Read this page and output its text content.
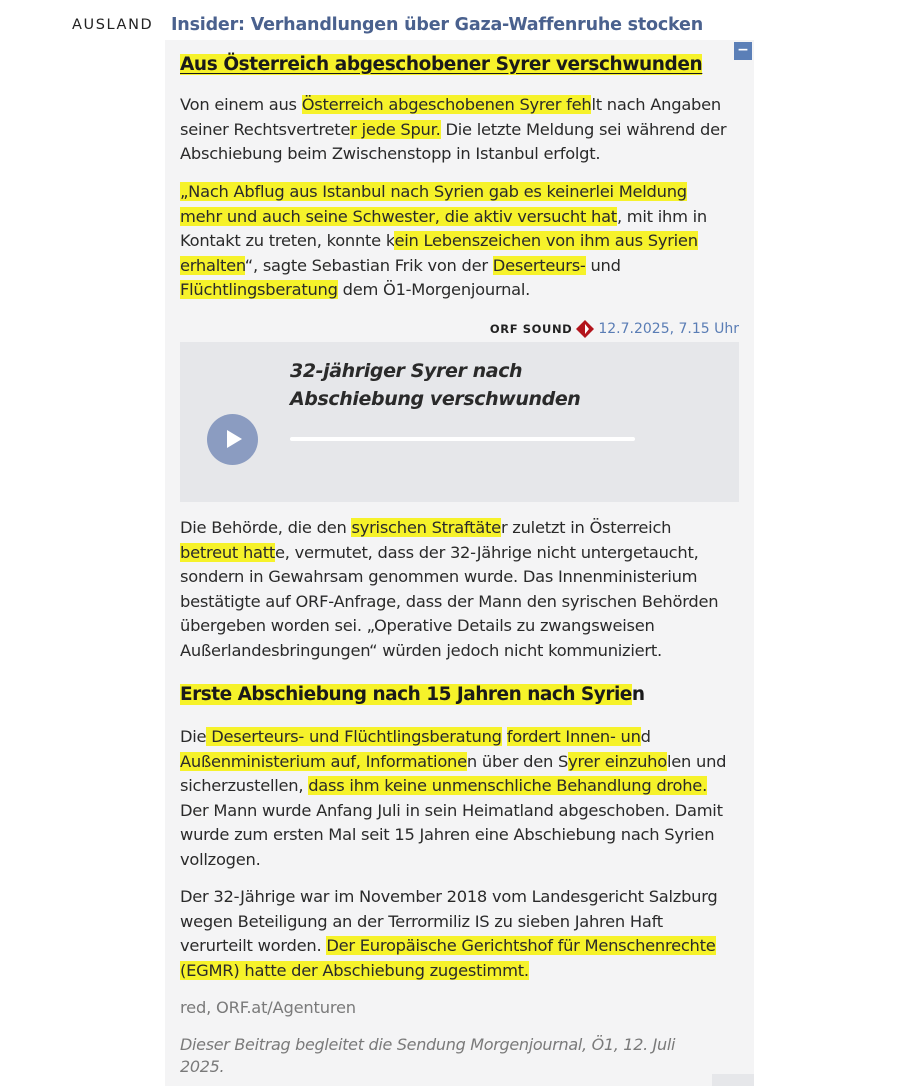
AUSLAND	Insider: Verhandlungen über Gaza-Waffenruhe stocken
−
Aus Österreich abgeschobener Syrer verschwunden
Von einem aus Österreich abgeschobenen Syrer fehlt nach Angaben
seiner Rechtsvertreter jede Spur. Die letzte Meldung sei während der
Abschiebung beim Zwischenstopp in Istanbul erfolgt.
„Nach Abflug aus Istanbul nach Syrien gab es keinerlei Meldung
mehr und auch seine Schwester, die aktiv versucht hat, mit ihm in
Kontakt zu treten, konnte kein Lebenszeichen von ihm aus Syrien
erhalten“, sagte Sebastian Frik von der Deserteurs- und
Flüchtlingsberatung dem Ö1-Morgenjournal.
ORF SOUND 12.7.2025, 7.15 Uhr
32-jähriger Syrer nach Abschiebung verschwunden
Die Behörde, die den syrischen Straftäter zuletzt in Österreich
betreut hatte, vermutet, dass der 32-Jährige nicht untergetaucht,
sondern in Gewahrsam genommen wurde. Das Innenministerium
bestätigte auf ORF-Anfrage, dass der Mann den syrischen Behörden
übergeben worden sei. „Operative Details zu zwangsweisen
Außerlandesbringungen“ würden jedoch nicht kommuniziert.
Erste Abschiebung nach 15 Jahren nach Syrien
Die Deserteurs- und Flüchtlingsberatung fordert Innen- und
Außenministerium auf, Informationen über den Syrer einzuholen und
sicherzustellen, dass ihm keine unmenschliche Behandlung drohe.
Der Mann wurde Anfang Juli in sein Heimatland abgeschoben. Damit
wurde zum ersten Mal seit 15 Jahren eine Abschiebung nach Syrien
vollzogen.
Der 32-Jährige war im November 2018 vom Landesgericht Salzburg
wegen Beteiligung an der Terrormiliz IS zu sieben Jahren Haft
verurteilt worden. Der Europäische Gerichtshof für Menschenrechte
(EGMR) hatte der Abschiebung zugestimmt.
red, ORF.at/Agenturen
Dieser Beitrag begleitet die Sendung Morgenjournal, Ö1, 12. Juli 2025.
